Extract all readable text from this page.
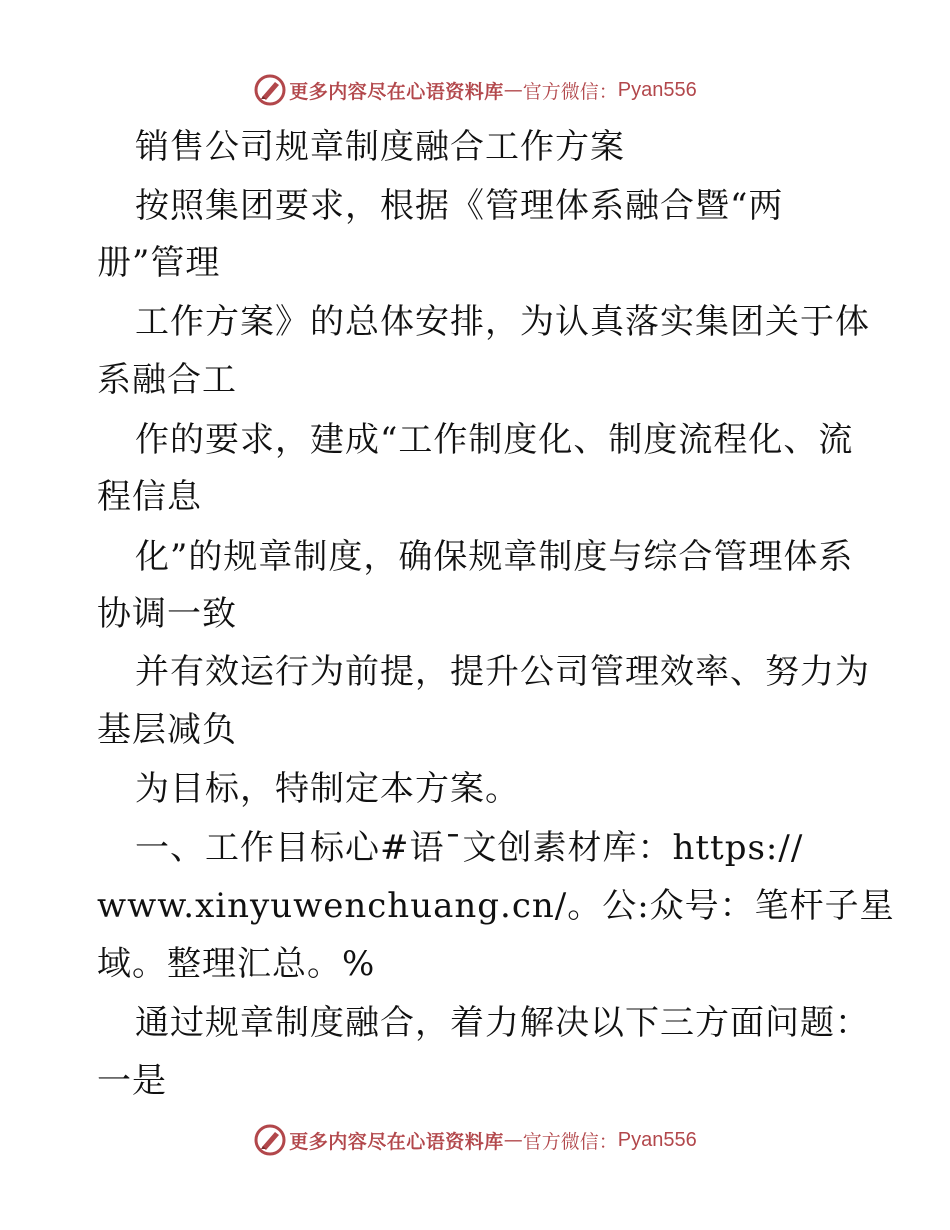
更多内容尽在心语资料库 — 官方微信： Pyan556
销售公司规章制度融合工作方案
按照集团要求，根据《管理体系融合暨“两
册”管理
工作方案》的总体安排，为认真落实集团关于体
系融合工
作的要求，建成“工作制度化、制度流程化、流
程信息
化”的规章制度，确保规章制度与综合管理体系
协调一致
并有效运行为前提，提升公司管理效率、努力为
基层减负
为目标，特制定本方案。
一、工作目标心#语¯文创素材库：https://
www.xinyuwenchuang.cn/。公:众号：笔杆子星
域。整理汇总。%
通过规章制度融合，着力解决以下三方面问题：
一是
更多内容尽在心语资料库 — 官方微信： Pyan556
